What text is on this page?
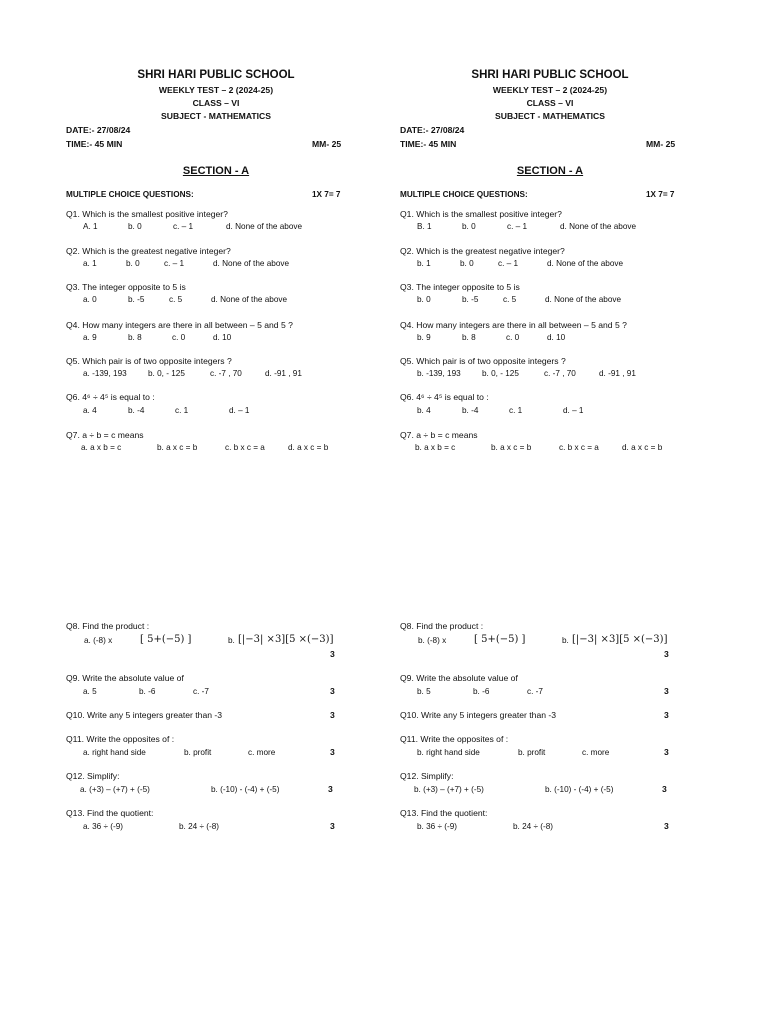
SHRI HARI PUBLIC SCHOOL
WEEKLY TEST – 2 (2024-25)
CLASS – VI
SUBJECT - MATHEMATICS
DATE:- 27/08/24
TIME:- 45 MIN	MM- 25
SECTION - A
MULTIPLE CHOICE QUESTIONS:	1X 7= 7
Q1. Which is the smallest positive integer?
A. 1	b. 0	c. – 1	d. None of the above
Q2. Which is the greatest negative integer?
a. 1	b. 0	c. – 1	d. None of the above
Q3. The integer opposite to 5 is
a. 0	b. -5	c. 5	d. None of the above
Q4. How many integers are there in all between – 5 and 5 ?
a. 9	b. 8	c. 0	d. 10
Q5. Which pair is of two opposite integers ?
a. -139, 193	b. 0, - 125	c. -7 , 70	d. -91 , 91
Q6. 4⁶ ÷ 4⁵ is equal to :
a. 4	b. -4	c. 1	d. – 1
Q7. a ÷ b = c means
a. a x b = c	b. a x c = b	c. b x c = a	d. a x c = b
Q8. Find the product :
a. (-8) x	[ 5+(−5) ]	b. [|−3| ×3][5 ×(−3)]
3
Q9. Write the absolute value of
a. 5	b. -6	c. -7	3
Q10. Write any 5 integers greater than -3	3
Q11. Write the opposites of :
a. right hand side	b. profit	c. more	3
Q12. Simplify:
a. (+3) – (+7) + (-5)	b. (-10) - (-4) + (-5)	3
Q13. Find the quotient:
a. 36 ÷ (-9)	b. 24 ÷ (-8)	3
SHRI HARI PUBLIC SCHOOL
WEEKLY TEST – 2 (2024-25)
CLASS – VI
SUBJECT - MATHEMATICS
DATE:- 27/08/24
TIME:- 45 MIN	MM- 25
SECTION - A
MULTIPLE CHOICE QUESTIONS:	1X 7= 7
Q1. Which is the smallest positive integer?
B. 1	b. 0	c. – 1	d. None of the above
Q2. Which is the greatest negative integer?
b. 1	b. 0	c. – 1	d. None of the above
Q3. The integer opposite to 5 is
b. 0	b. -5	c. 5	d. None of the above
Q4. How many integers are there in all between – 5 and 5 ?
b. 9	b. 8	c. 0	d. 10
Q5. Which pair is of two opposite integers ?
b. -139, 193	b. 0, - 125	c. -7 , 70	d. -91 , 91
Q6. 4⁶ ÷ 4⁵ is equal to :
b. 4	b. -4	c. 1	d. – 1
Q7. a ÷ b = c means
b. a x b = c	b. a x c = b	c. b x c = a	d. a x c = b
Q8. Find the product :
b. (-8) x	[ 5+(−5) ]	b. [|−3| ×3][5 ×(−3)]
3
Q9. Write the absolute value of
b. 5	b. -6	c. -7	3
Q10. Write any 5 integers greater than -3	3
Q11. Write the opposites of :
b. right hand side	b. profit	c. more	3
Q12. Simplify:
b. (+3) – (+7) + (-5)	b. (-10) - (-4) + (-5)	3
Q13. Find the quotient:
b. 36 ÷ (-9)	b. 24 ÷ (-8)	3
